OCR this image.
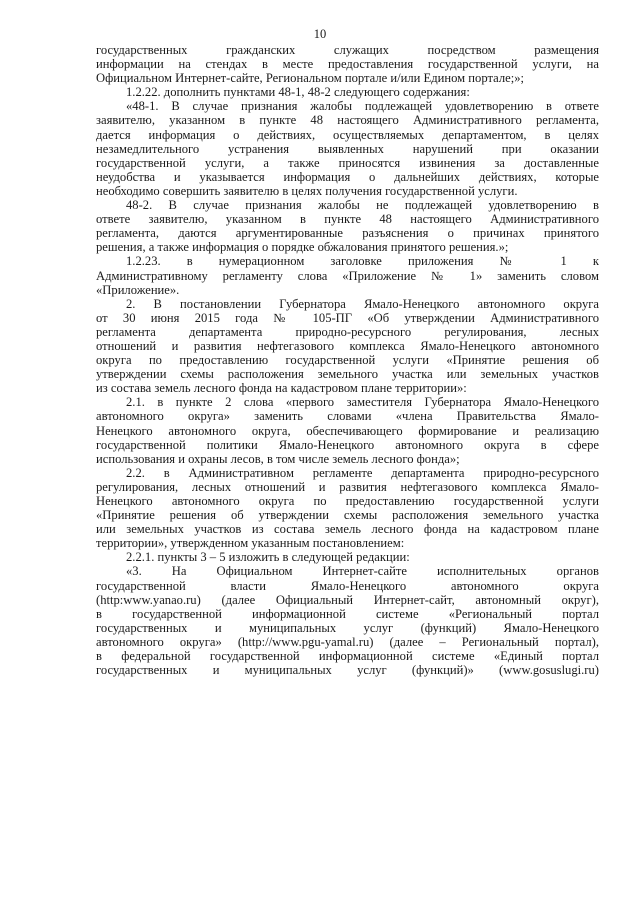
10
государственных гражданских служащих посредством размещения
информации на стендах в месте предоставления государственной услуги, на
Официальном Интернет-сайте, Региональном портале и/или Едином портале;»;
1.2.22. дополнить пунктами 48-1, 48-2 следующего содержания:
«48-1. В случае признания жалобы подлежащей удовлетворению в ответе
заявителю, указанном в пункте 48 настоящего Административного регламента,
дается информация о действиях, осуществляемых департаментом, в целях
незамедлительного устранения выявленных нарушений при оказании
государственной услуги, а также приносятся извинения за доставленные
неудобства и указывается информация о дальнейших действиях, которые
необходимо совершить заявителю в целях получения государственной услуги.
48-2. В случае признания жалобы не подлежащей удовлетворению в
ответе заявителю, указанном в пункте 48 настоящего Административного
регламента, даются аргументированные разъяснения о причинах принятого
решения, а также информация о порядке обжалования принятого решения.»;
1.2.23. в нумерационном заголовке приложения № 1 к
Административному регламенту слова «Приложение № 1» заменить словом
«Приложение».
2. В постановлении Губернатора Ямало-Ненецкого автономного округа
от 30 июня 2015 года № 105-ПГ «Об утверждении Административного
регламента департамента природно-ресурсного регулирования, лесных
отношений и развития нефтегазового комплекса Ямало-Ненецкого автономного
округа по предоставлению государственной услуги «Принятие решения об
утверждении схемы расположения земельного участка или земельных участков
из состава земель лесного фонда на кадастровом плане территории»:
2.1. в пункте 2 слова «первого заместителя Губернатора Ямало-Ненецкого
автономного округа» заменить словами «члена Правительства Ямало-
Ненецкого автономного округа, обеспечивающего формирование и реализацию
государственной политики Ямало-Ненецкого автономного округа в сфере
использования и охраны лесов, в том числе земель лесного фонда»;
2.2. в Административном регламенте департамента природно-ресурсного
регулирования, лесных отношений и развития нефтегазового комплекса Ямало-
Ненецкого автономного округа по предоставлению государственной услуги
«Принятие решения об утверждении схемы расположения земельного участка
или земельных участков из состава земель лесного фонда на кадастровом плане
территории», утвержденном указанным постановлением:
2.2.1. пункты 3 – 5 изложить в следующей редакции:
«3. На Официальном Интернет-сайте исполнительных органов
государственной власти Ямало-Ненецкого автономного округа
(http:www.yanao.ru) (далее Официальный Интернет-сайт, автономный округ),
в государственной информационной системе «Региональный портал
государственных и муниципальных услуг (функций) Ямало-Ненецкого
автономного округа» (http://www.pgu-yamal.ru) (далее – Региональный портал),
в федеральной государственной информационной системе «Единый портал
государственных и муниципальных услуг (функций)» (www.gosuslugi.ru)
